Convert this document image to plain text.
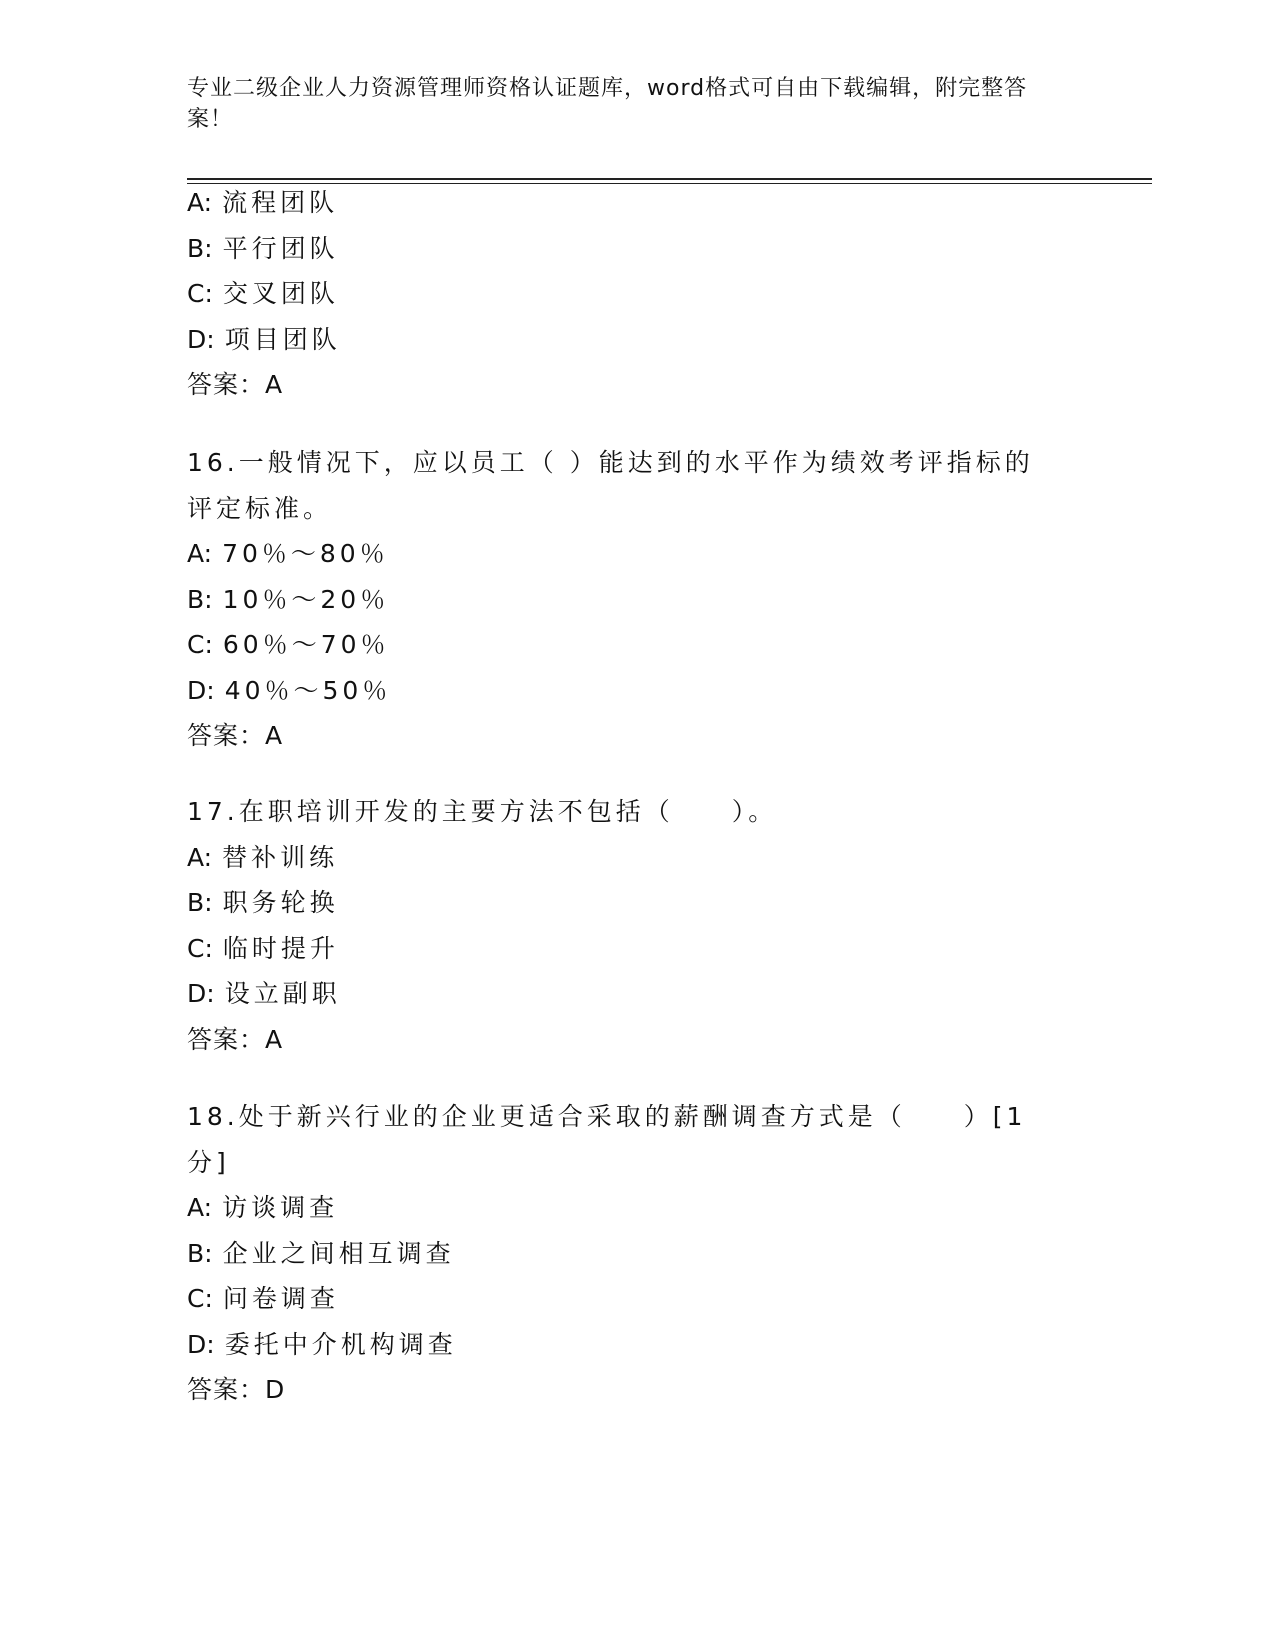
专业二级企业人力资源管理师资格认证题库，word格式可自由下载编辑，附完整答案！
A: 流程团队
B: 平行团队
C: 交叉团队
D: 项目团队
答案：A
16.一般情况下，应以员工（ ）能达到的水平作为绩效考评指标的评定标准。
A: 70％～80％
B: 10％～20％
C: 60％～70％
D: 40％～50％
答案：A
17.在职培训开发的主要方法不包括（　　）。
A: 替补训练
B: 职务轮换
C: 临时提升
D: 设立副职
答案：A
18.处于新兴行业的企业更适合采取的薪酬调查方式是（　　）[1分]
A: 访谈调查
B: 企业之间相互调查
C: 问卷调查
D: 委托中介机构调查
答案：D
